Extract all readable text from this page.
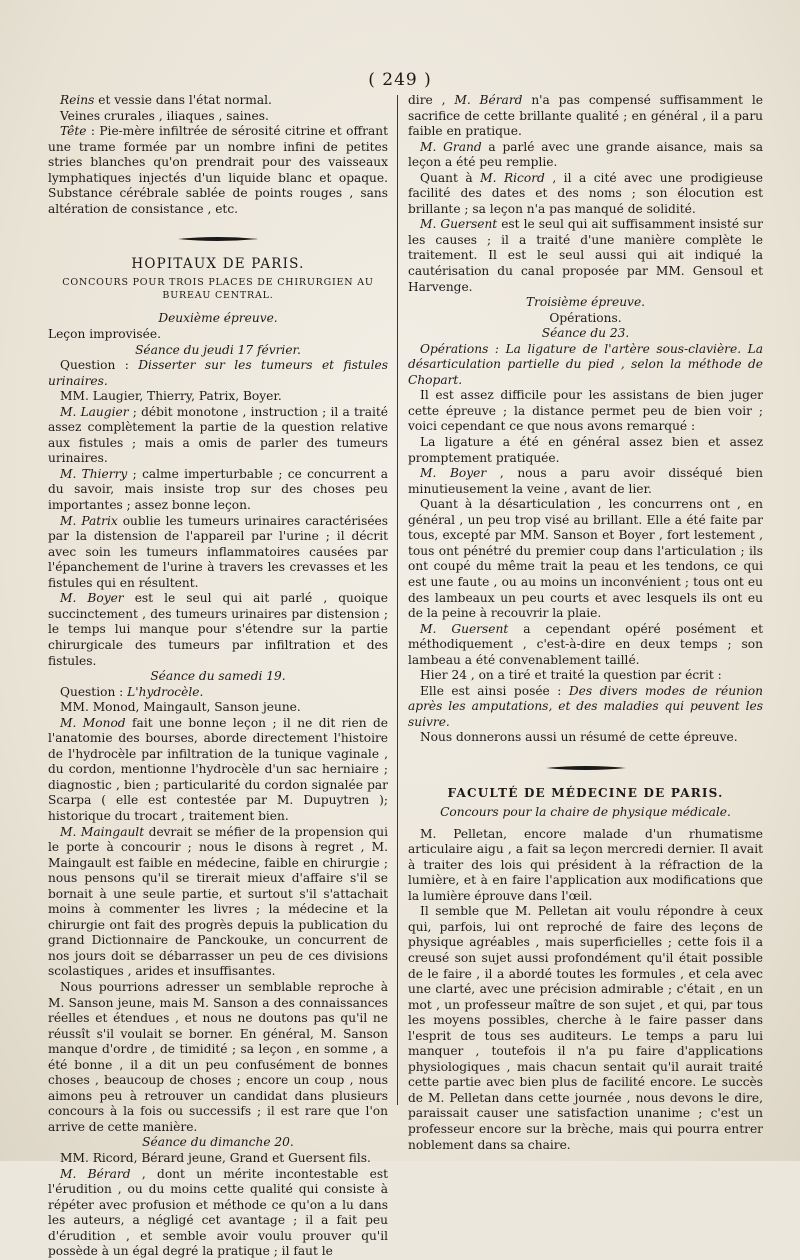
( 249 )

Reins et vessie dans l'état normal.

Veines crurales , iliaques , saines.

Tête : Pie-mère infiltrée de sérosité citrine et offrant une trame formée par un nombre infini de petites stries blanches qu'on prendrait pour des vaisseaux lymphatiques injectés d'un liquide blanc et opaque. Substance cérébrale sablée de points rouges , sans altération de consistance , etc.

HOPITAUX DE PARIS.

CONCOURS POUR TROIS PLACES DE CHIRURGIEN AU BUREAU CENTRAL.

Deuxième épreuve.

Leçon improvisée.

Séance du jeudi 17 février.

Question : Disserter sur les tumeurs et fistules urinaires.

MM. Laugier, Thierry, Patrix, Boyer.

M. Laugier ; débit monotone , instruction ; il a traité assez complètement la partie de la question relative aux fistules ; mais a omis de parler des tumeurs urinaires.

M. Thierry ; calme imperturbable ; ce concurrent a du savoir, mais insiste trop sur des choses peu importantes ; assez bonne leçon.

M. Patrix oublie les tumeurs urinaires caractérisées par la distension de l'appareil par l'urine ; il décrit avec soin les tumeurs inflammatoires causées par l'épanchement de l'urine à travers les crevasses et les fistules qui en résultent.

M. Boyer est le seul qui ait parlé , quoique succinctement , des tumeurs urinaires par distension ; le temps lui manque pour s'étendre sur la partie chirurgicale des tumeurs par infiltration et des fistules.

Séance du samedi 19.

Question : L'hydrocèle.

MM. Monod, Maingault, Sanson jeune.

M. Monod fait une bonne leçon ; il ne dit rien de l'anatomie des bourses, aborde directement l'histoire de l'hydrocèle par infiltration de la tunique vaginale , du cordon, mentionne l'hydrocèle d'un sac herniaire ; diagnostic , bien ; particularité du cordon signalée par Scarpa ( elle est contestée par M. Dupuytren ); historique du trocart , traitement bien.

M. Maingault devrait se méfier de la propension qui le porte à concourir ; nous le disons à regret , M. Maingault est faible en médecine, faible en chirurgie ; nous pensons qu'il se tirerait mieux d'affaire s'il se bornait à une seule partie, et surtout s'il s'attachait moins à commenter les livres ; la médecine et la chirurgie ont fait des progrès depuis la publication du grand Dictionnaire de Panckouke, un concurrent de nos jours doit se débarrasser un peu de ces divisions scolastiques , arides et insuffisantes.

Nous pourrions adresser un semblable reproche à M. Sanson jeune, mais M. Sanson a des connaissances réelles et étendues , et nous ne doutons pas qu'il ne réussît s'il voulait se borner. En général, M. Sanson manque d'ordre , de timidité ; sa leçon , en somme , a été bonne , il a dit un peu confusément de bonnes choses , beaucoup de choses ; encore un coup , nous aimons peu à retrouver un candidat dans plusieurs concours à la fois ou successifs ; il est rare que l'on arrive de cette manière.

Séance du dimanche 20.

MM. Ricord, Bérard jeune, Grand et Guersent fils.

M. Bérard , dont un mérite incontestable est l'érudition , ou du moins cette qualité qui consiste à répéter avec profusion et méthode ce qu'on a lu dans les auteurs, a négligé cet avantage ; il a fait peu d'érudition , et semble avoir voulu prouver qu'il possède à un égal degré la pratique ; il faut le

dire , M. Bérard n'a pas compensé suffisamment le sacrifice de cette brillante qualité ; en général , il a paru faible en pratique.

M. Grand a parlé avec une grande aisance, mais sa leçon a été peu remplie.

Quant à M. Ricord , il a cité avec une prodigieuse facilité des dates et des noms ; son élocution est brillante ; sa leçon n'a pas manqué de solidité.

M. Guersent est le seul qui ait suffisamment insisté sur les causes ; il a traité d'une manière complète le traitement. Il est le seul aussi qui ait indiqué la cautérisation du canal proposée par MM. Gensoul et Harvenge.

Troisième épreuve.

Opérations.

Séance du 23.

Opérations : La ligature de l'artère sous-clavière. La désarticulation partielle du pied , selon la méthode de Chopart.

Il est assez difficile pour les assistans de bien juger cette épreuve ; la distance permet peu de bien voir ; voici cependant ce que nous avons remarqué :

La ligature a été en général assez bien et assez promptement pratiquée.

M. Boyer , nous a paru avoir disséqué bien minutieusement la veine , avant de lier.

Quant à la désarticulation , les concurrens ont , en général , un peu trop visé au brillant. Elle a été faite par tous, excepté par MM. Sanson et Boyer , fort lestement , tous ont pénétré du premier coup dans l'articulation ; ils ont coupé du même trait la peau et les tendons, ce qui est une faute , ou au moins un inconvénient ; tous ont eu des lambeaux un peu courts et avec lesquels ils ont eu de la peine à recouvrir la plaie.

M. Guersent a cependant opéré posément et méthodiquement , c'est-à-dire en deux temps ; son lambeau a été convenablement taillé.

Hier 24 , on a tiré et traité la question par écrit :

Elle est ainsi posée : Des divers modes de réunion après les amputations, et des maladies qui peuvent les suivre.

Nous donnerons aussi un résumé de cette épreuve.

FACULTÉ DE MÉDECINE DE PARIS.

Concours pour la chaire de physique médicale.

M. Pelletan, encore malade d'un rhumatisme articulaire aigu , a fait sa leçon mercredi dernier. Il avait à traiter des lois qui président à la réfraction de la lumière, et à en faire l'application aux modifications que la lumière éprouve dans l'œil.

Il semble que M. Pelletan ait voulu répondre à ceux qui, parfois, lui ont reproché de faire des leçons de physique agréables , mais superficielles ; cette fois il a creusé son sujet aussi profondément qu'il était possible de le faire , il a abordé toutes les formules , et cela avec une clarté, avec une précision admirable ; c'était , en un mot , un professeur maître de son sujet , et qui, par tous les moyens possibles, cherche à le faire passer dans l'esprit de tous ses auditeurs. Le temps a paru lui manquer , toutefois il n'a pu faire d'applications physiologiques , mais chacun sentait qu'il aurait traité cette partie avec bien plus de facilité encore. Le succès de M. Pelletan dans cette journée , nous devons le dire, paraissait causer une satisfaction unanime ; c'est un professeur encore sur la brèche, mais qui pourra entrer noblement dans sa chaire.
